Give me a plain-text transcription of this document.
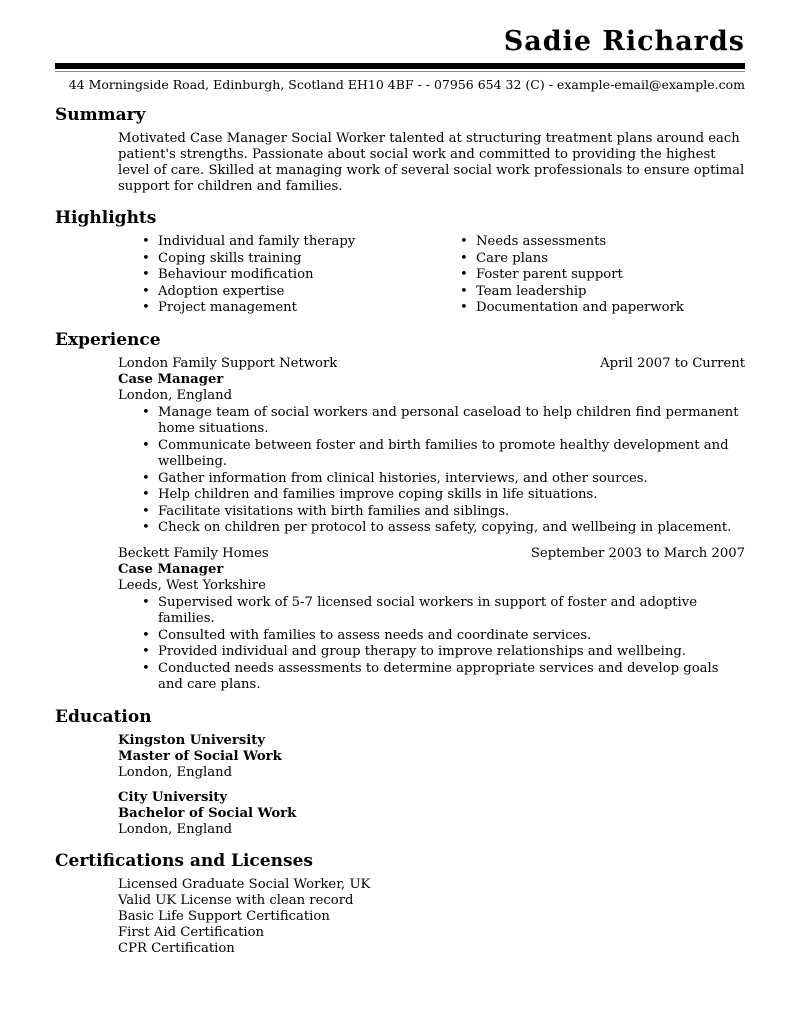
Sadie Richards
44 Morningside Road, Edinburgh, Scotland EH10 4BF - - 07956 654 32 (C) - example-email@example.com
Summary
Motivated Case Manager Social Worker talented at structuring treatment plans around each patient's strengths. Passionate about social work and committed to providing the highest level of care. Skilled at managing work of several social work professionals to ensure optimal support for children and families.
Highlights
• Individual and family therapy
• Coping skills training
• Behaviour modification
• Adoption expertise
• Project management
• Needs assessments
• Care plans
• Foster parent support
• Team leadership
• Documentation and paperwork
Experience
London Family Support Network	April 2007 to Current
Case Manager
London, England
• Manage team of social workers and personal caseload to help children find permanent home situations.
• Communicate between foster and birth families to promote healthy development and wellbeing.
• Gather information from clinical histories, interviews, and other sources.
• Help children and families improve coping skills in life situations.
• Facilitate visitations with birth families and siblings.
• Check on children per protocol to assess safety, copying, and wellbeing in placement.
Beckett Family Homes	September 2003 to March 2007
Case Manager
Leeds, West Yorkshire
• Supervised work of 5-7 licensed social workers in support of foster and adoptive families.
• Consulted with families to assess needs and coordinate services.
• Provided individual and group therapy to improve relationships and wellbeing.
• Conducted needs assessments to determine appropriate services and develop goals and care plans.
Education
Kingston University
Master of Social Work
London, England
City University
Bachelor of Social Work
London, England
Certifications and Licenses
Licensed Graduate Social Worker, UK
Valid UK License with clean record
Basic Life Support Certification
First Aid Certification
CPR Certification
